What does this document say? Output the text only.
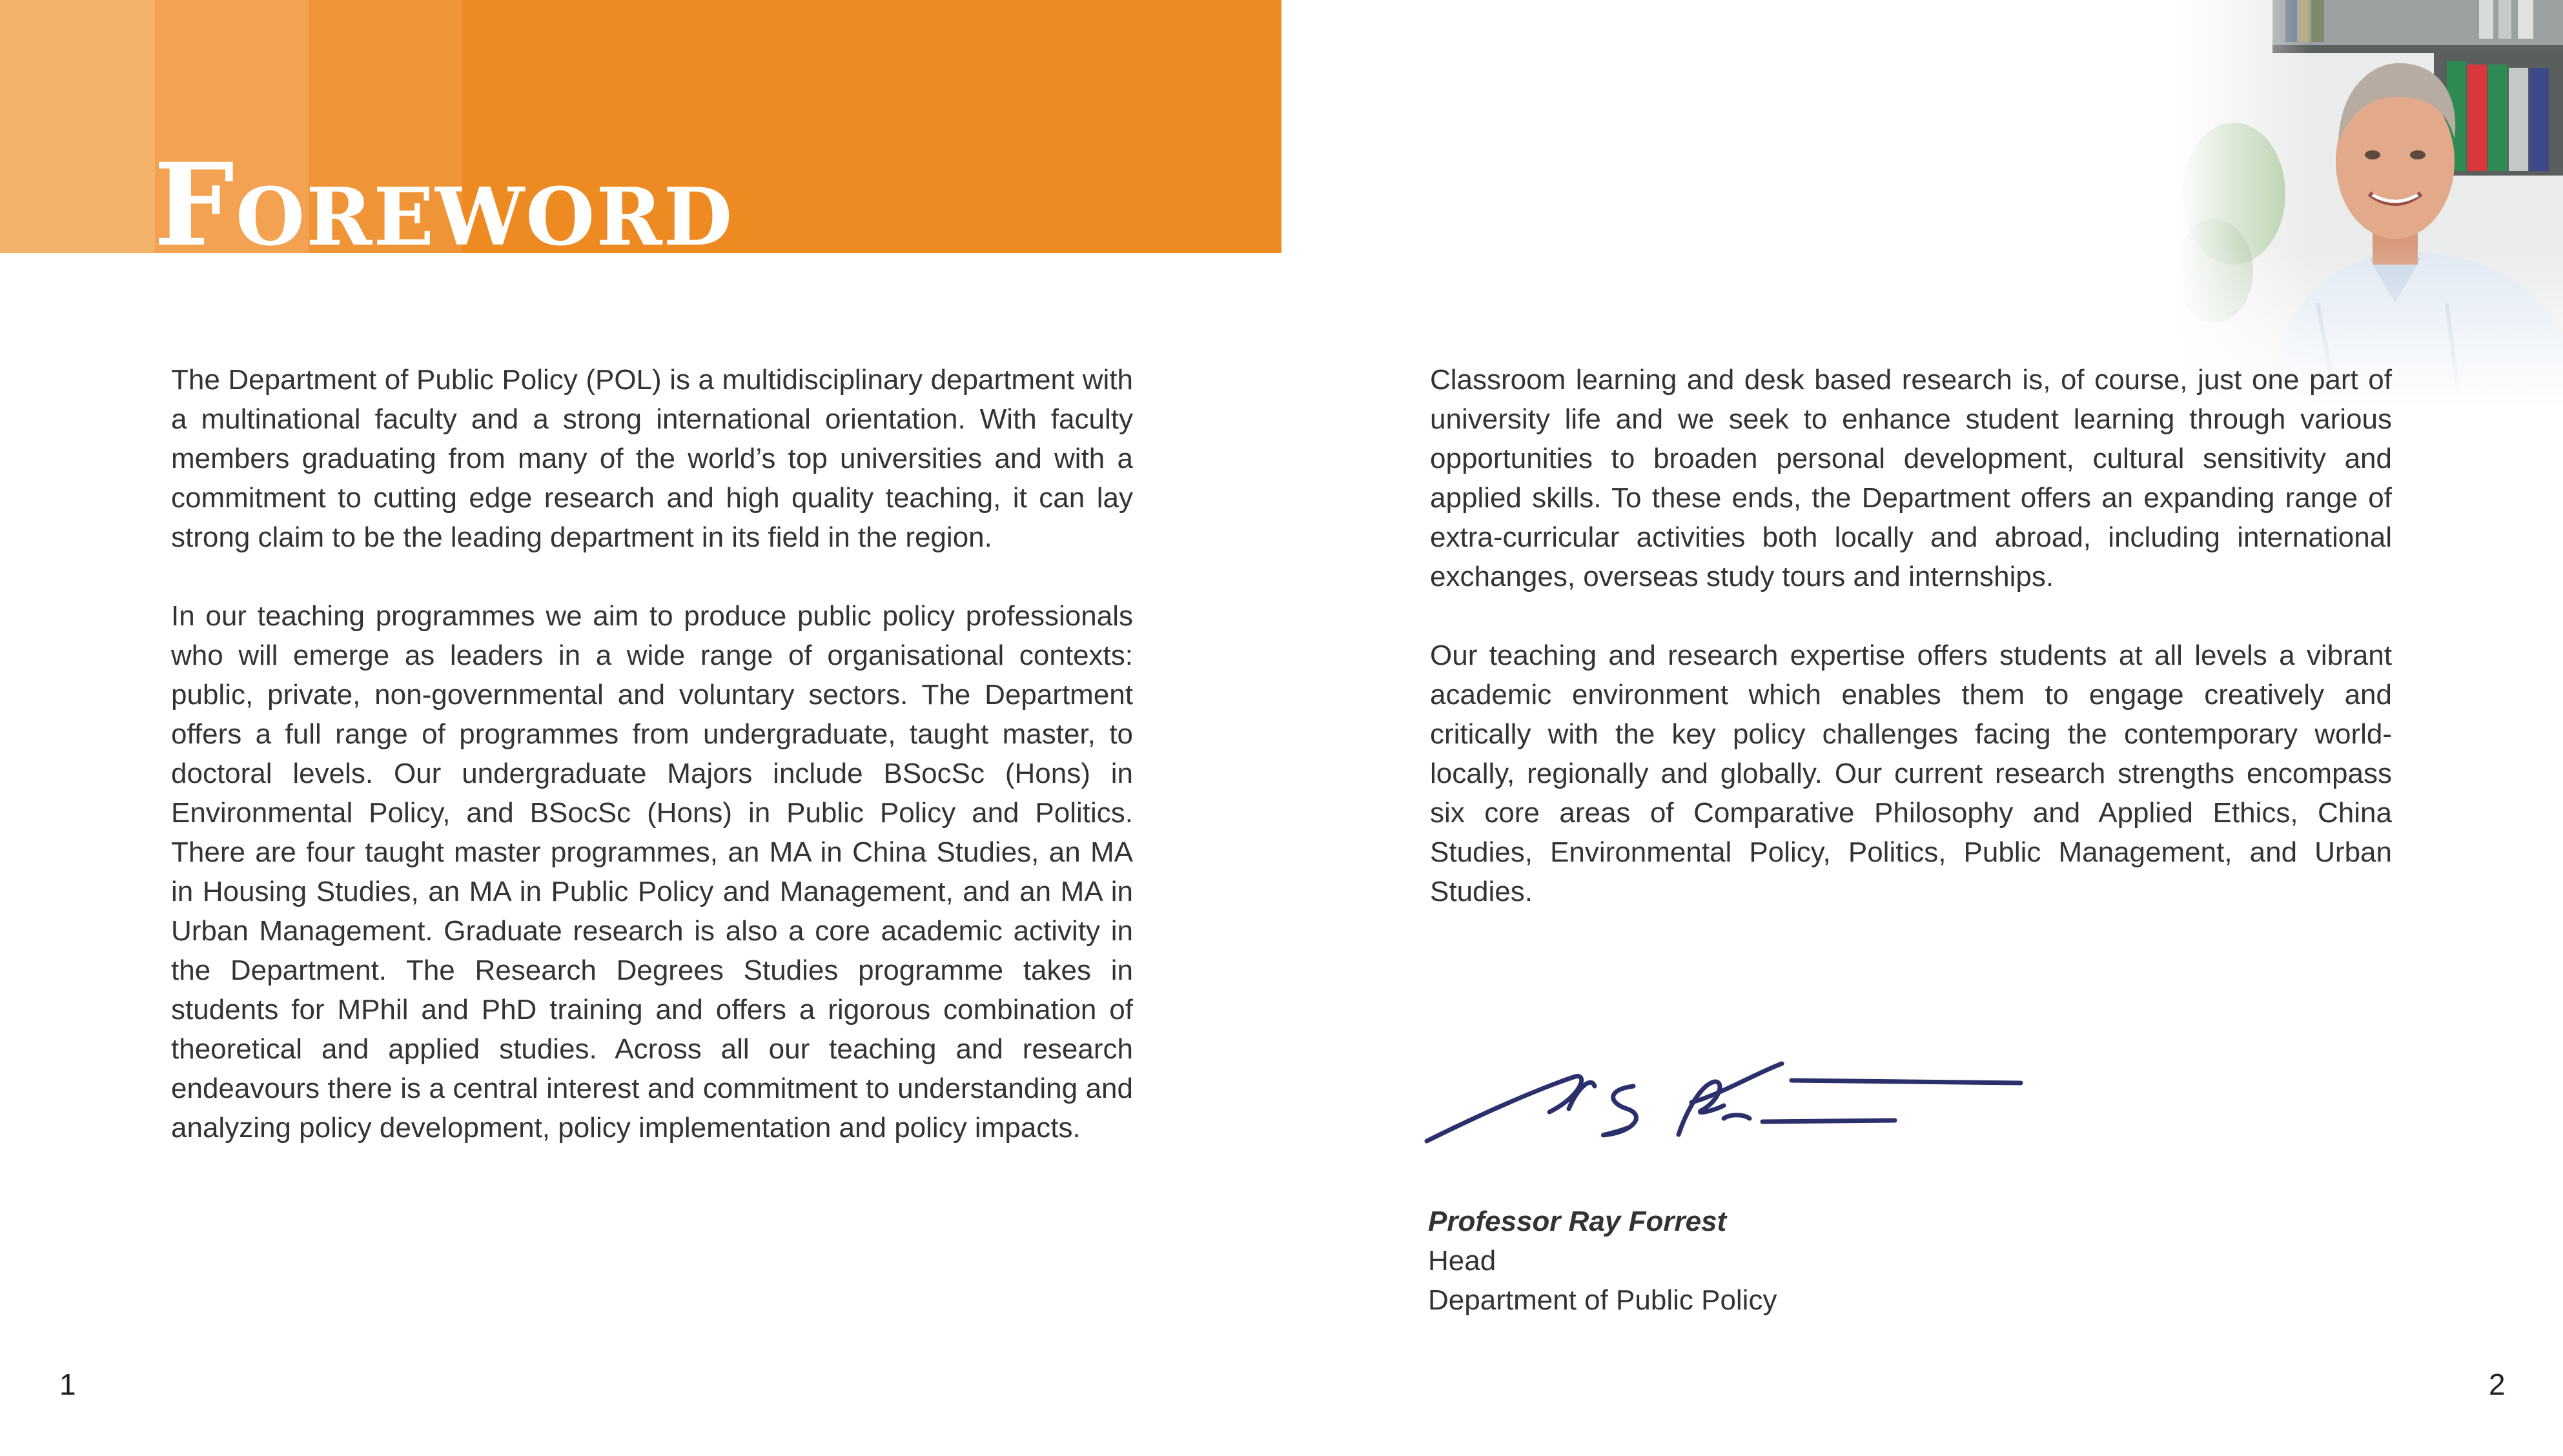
Foreword

The Department of Public Policy (POL) is a multidisciplinary department with a multinational faculty and a strong international orientation. With faculty members graduating from many of the world’s top universities and with a commitment to cutting edge research and high quality teaching, it can lay strong claim to be the leading department in its field in the region.

In our teaching programmes we aim to produce public policy professionals who will emerge as leaders in a wide range of organisational contexts: public, private, non-governmental and voluntary sectors. The Department offers a full range of programmes from undergraduate, taught master, to doctoral levels. Our undergraduate Majors include BSocSc (Hons) in Environmental Policy, and BSocSc (Hons) in Public Policy and Politics. There are four taught master programmes, an MA in China Studies, an MA in Housing Studies, an MA in Public Policy and Management, and an MA in Urban Management. Graduate research is also a core academic activity in the Department. The Research Degrees Studies programme takes in students for MPhil and PhD training and offers a rigorous combination of theoretical and applied studies. Across all our teaching and research endeavours there is a central interest and commitment to understanding and analyzing policy development, policy implementation and policy impacts.

Classroom learning and desk based research is, of course, just one part of university life and we seek to enhance student learning through various opportunities to broaden personal development, cultural sensitivity and applied skills. To these ends, the Department offers an expanding range of extra-curricular activities both locally and abroad, including international exchanges, overseas study tours and internships.

Our teaching and research expertise offers students at all levels a vibrant academic environment which enables them to engage creatively and critically with the key policy challenges facing the contemporary world-locally, regionally and globally. Our current research strengths encompass six core areas of Comparative Philosophy and Applied Ethics, China Studies, Environmental Policy, Politics, Public Management, and Urban Studies.

Professor Ray Forrest
Head
Department of Public Policy
1	2
